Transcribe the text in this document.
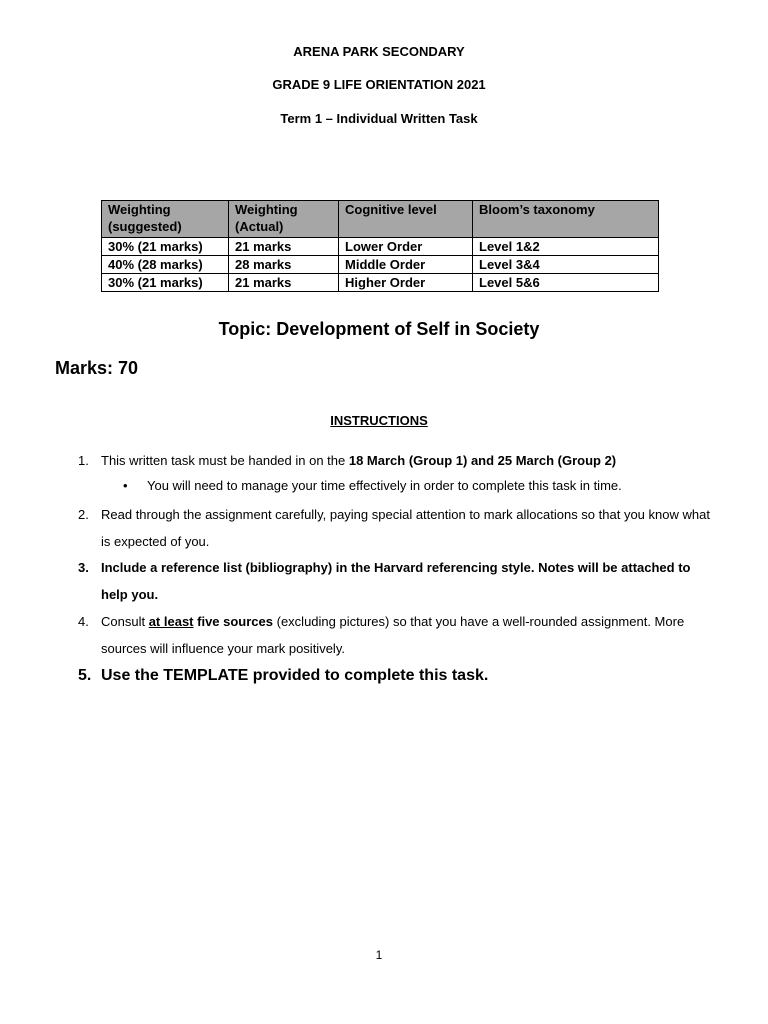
ARENA PARK SECONDARY
GRADE 9 LIFE ORIENTATION 2021
Term 1 – Individual Written Task
Weighting (suggested)	Weighting (Actual)	Cognitive level	Bloom’s taxonomy
30% (21 marks)	21 marks	Lower Order	Level 1&2
40% (28 marks)	28 marks	Middle Order	Level 3&4
30% (21 marks)	21 marks	Higher Order	Level 5&6
Topic: Development of Self in Society
Marks: 70
INSTRUCTIONS
1. This written task must be handed in on the 18 March (Group 1) and 25 March (Group 2)
• You will need to manage your time effectively in order to complete this task in time.
2. Read through the assignment carefully, paying special attention to mark allocations so that you know what is expected of you.
3. Include a reference list (bibliography) in the Harvard referencing style. Notes will be attached to help you.
4. Consult at least five sources (excluding pictures) so that you have a well-rounded assignment. More sources will influence your mark positively.
5. Use the TEMPLATE provided to complete this task.
1
